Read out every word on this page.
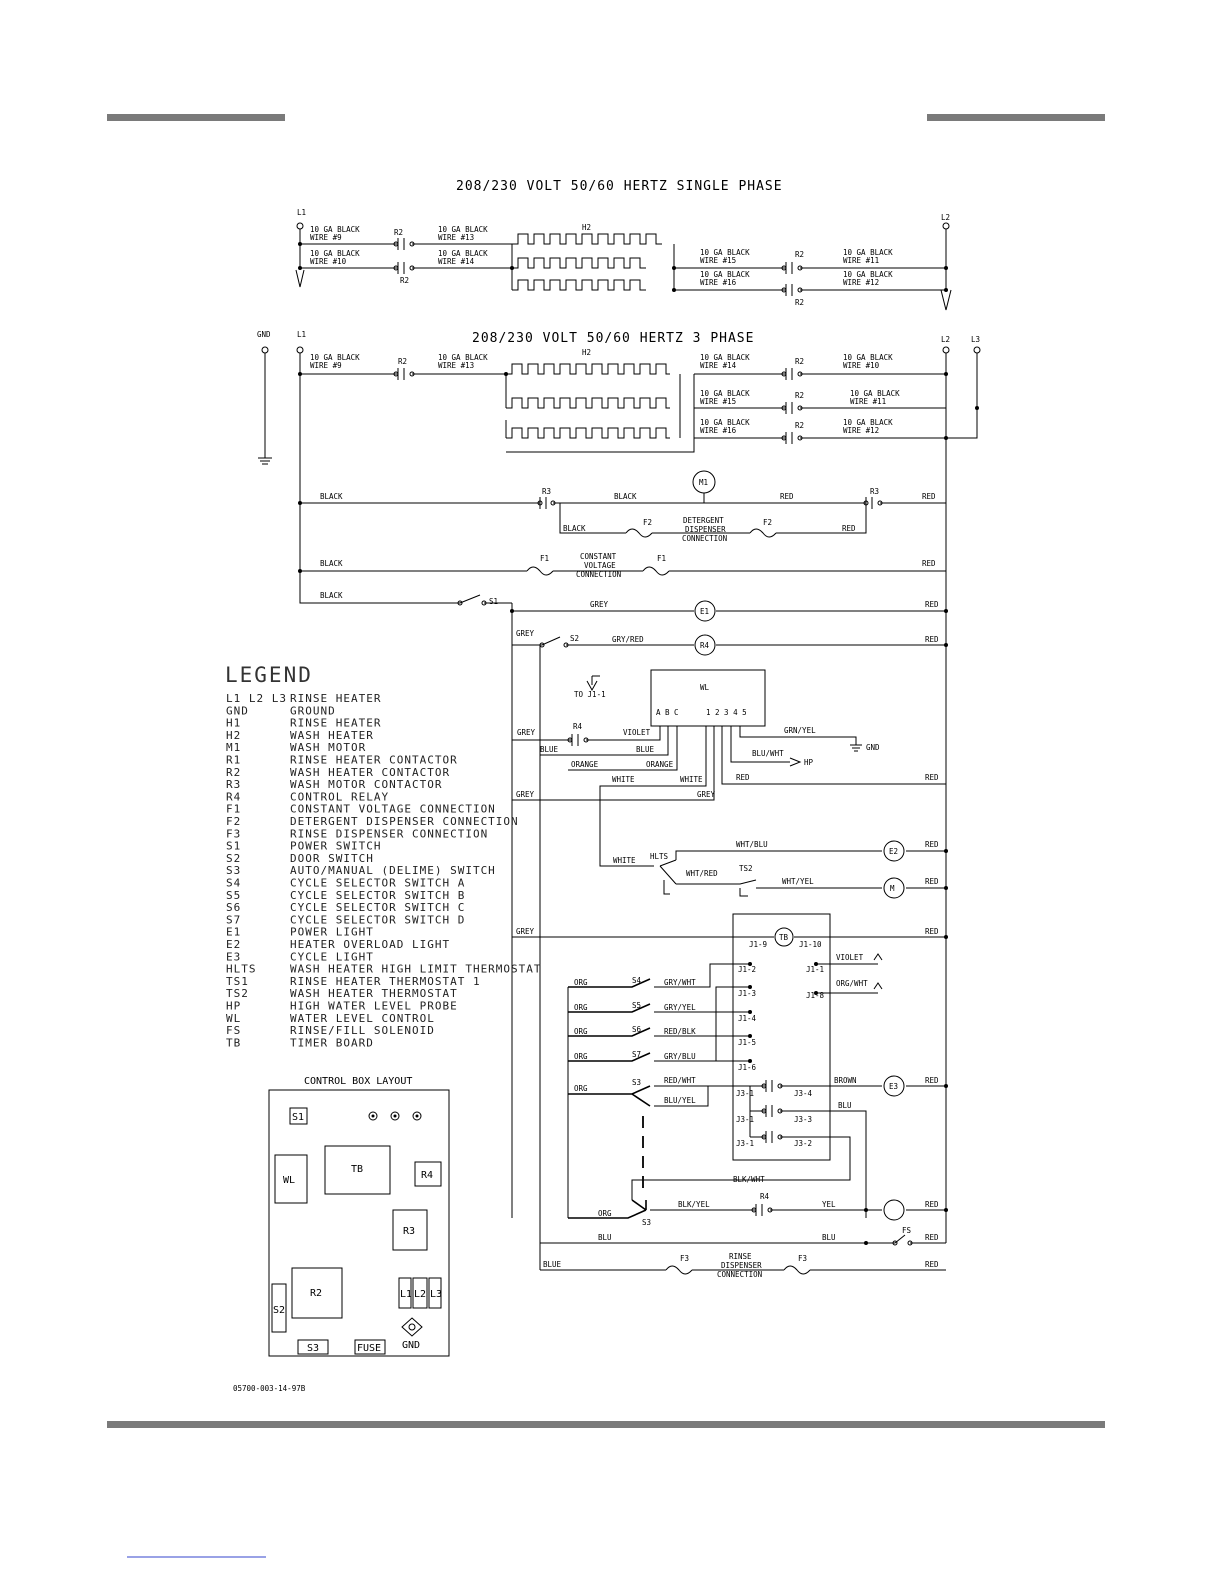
208/230 VOLT 50/60 HERTZ SINGLE PHASE
L1
L2
R2
R2
10 GA BLACK
WIRE #9
10 GA BLACK
WIRE #10
10 GA BLACK
WIRE #13
10 GA BLACK
WIRE #14
H2
R2
R2
10 GA BLACK
WIRE #15
10 GA BLACK
WIRE #16
10 GA BLACK
WIRE #11
10 GA BLACK
WIRE #12
208/230 VOLT 50/60 HERTZ 3 PHASE
GND	L1
L2	L3
R2
10 GA BLACK
WIRE #9
10 GA BLACK
WIRE #13
H2
R2
R2
R2
10 GA BLACK
WIRE #14
10 GA BLACK
WIRE #15
10 GA BLACK
WIRE #16
10 GA BLACK
WIRE #10
10 GA BLACK
WIRE #11
10 GA BLACK
WIRE #12
BLACK
R3	R3
BLACK	RED	RED
M1
BLACK	RED
F2	F2
DETERGENT
DISPENSER
CONNECTION
BLACK	RED
F1	F1
CONSTANT
VOLTAGE
CONNECTION
BLACK
S1
E1
GREY	RED
S2
GREY
GRY/RED	RED
R4
WL
A B C	1 2 3 4 5
TO J1-1
R4
GREY	VIOLET
BLUE	BLUE
ORANGE	ORANGE
WHITE	WHITE
GREY	GREY
RED	RED
BLU/WHT
HP
GRN/YEL
GND
WHITE HLTS
TS2
WHT/RED
WHT/YEL
WHT/BLU
E2
M
RED
RED
GREY	RED
TB
J1-9	J1-10
J1-1
J1-8
VIOLET
ORG/WHT
J1-2
J1-3
J1-4
J1-5
J1-6
ORG
ORG
ORG
ORG
ORG
S4
S5
S6
S7
GRY/WHT
GRY/YEL
RED/BLK
GRY/BLU
S3	RED/WHT
BLU/YEL
J3-1	J3-4
BROWN
E3
RED
J3-1
J3-1
J3-3
J3-2
BLU
BLK/WHT
ORG
S3
BLK/YEL
R4
YEL	RED
BLU	BLU
FS
RED
BLUE	RED
F3	F3
RINSE
DISPENSER
CONNECTION
LEGEND
L1 L2 L3 RINSE HEATER
GND	GROUND
H1	RINSE HEATER
H2	WASH HEATER
M1	WASH MOTOR
R1	RINSE HEATER CONTACTOR
R2	WASH HEATER CONTACTOR
R3	WASH MOTOR CONTACTOR
R4	CONTROL RELAY
F1	CONSTANT VOLTAGE CONNECTION
F2	DETERGENT DISPENSER CONNECTION
F3	RINSE DISPENSER CONNECTION
S1	POWER SWITCH
S2	DOOR SWITCH
S3	AUTO/MANUAL (DELIME) SWITCH
S4	CYCLE SELECTOR SWITCH A
S5	CYCLE SELECTOR SWITCH B
S6	CYCLE SELECTOR SWITCH C
S7	CYCLE SELECTOR SWITCH D
E1	POWER LIGHT
E2	HEATER OVERLOAD LIGHT
E3	CYCLE LIGHT
HLTS	WASH HEATER HIGH LIMIT THERMOSTAT
TS1	RINSE HEATER THERMOSTAT 1
TS2	WASH HEATER THERMOSTAT
HP	HIGH WATER LEVEL PROBE
WL	WATER LEVEL CONTROL
FS	RINSE/FILL SOLENOID
TB	TIMER BOARD
CONTROL BOX LAYOUT
S1
WL
TB
R4
R3
R2
S2
L1 L2 L3
GND
S3	FUSE
05700-003-14-97B
